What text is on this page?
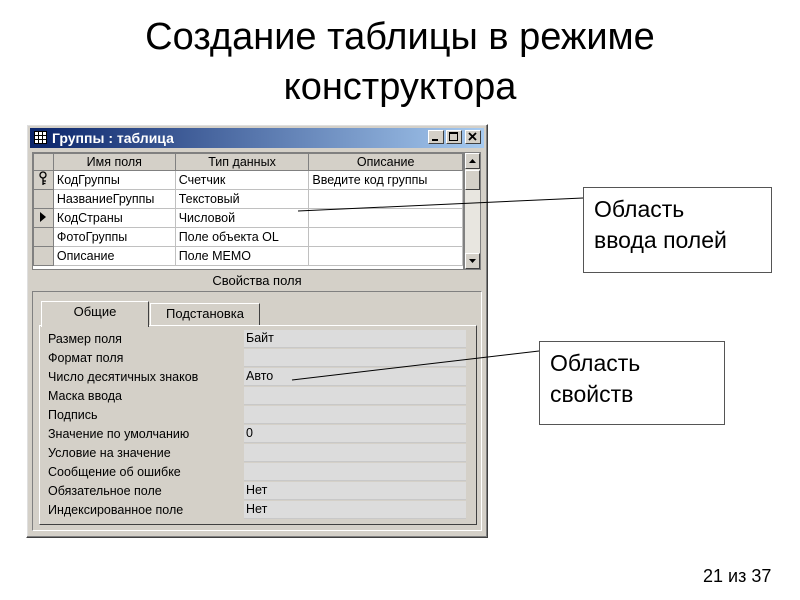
Создание таблицы в режиме
конструктора
Группы : таблица
	Имя поля	Тип данных	Описание
	КодГруппы	Счетчик	Введите код группы
	НазваниеГруппы	Текстовый	
	КодСтраны	Числовой	
	ФотоГруппы	Поле объекта OL	
	Описание	Поле MEMO	
Свойства поля
Общие	Подстановка
Размер поля	Байт
Формат поля
Число десятичных знаков	Авто
Маска ввода
Подпись
Значение по умолчанию	0
Условие на значение
Сообщение об ошибке
Обязательное поле	Нет
Индексированное поле	Нет
Область
ввода полей
Область
свойств
21 из 37
